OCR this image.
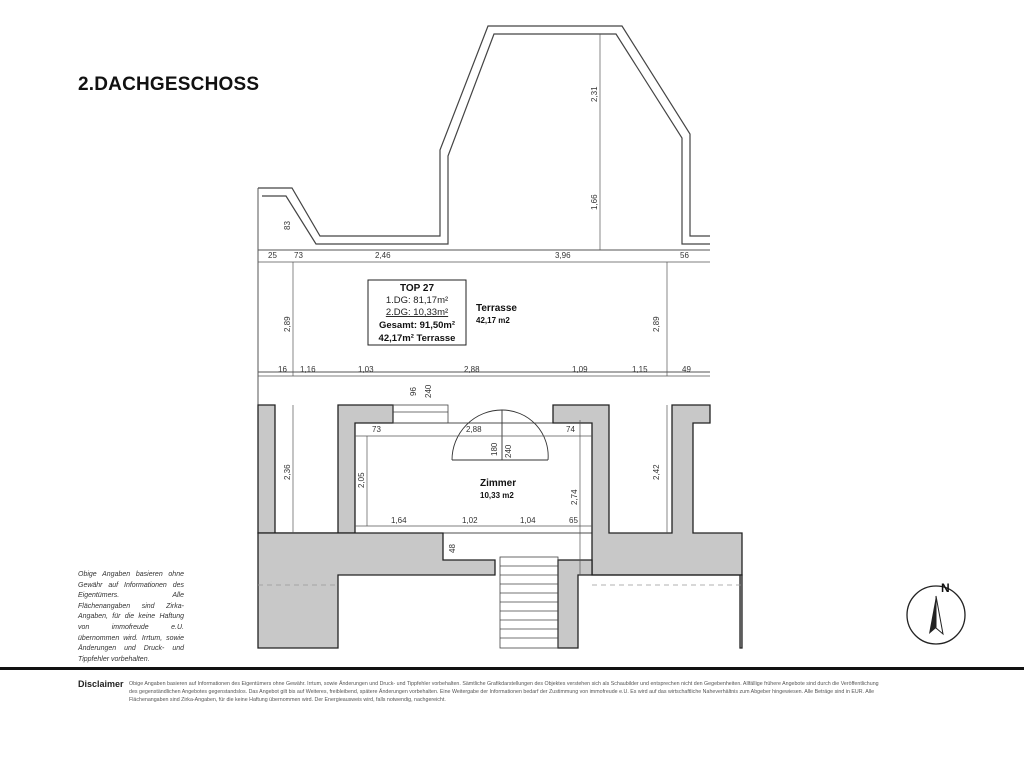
2.DACHGESCHOSS
TOP 27
1.DG: 81,17m²
2.DG: 10,33m²
Gesamt: 91,50m²
42,17m² Terrasse
Terrasse
42,17 m2
Zimmer
10,33 m2
25 73	2,46	3,96	56
16 1,16	1,03	2,88	1,09	1,15	49
73	2,88	74
1,64	1,02	1,04	65
83
2,31
1,66
2,89	2,89
96 240
180 240
2,36
2,05
2,74
2,42
48
Obige Angaben basieren ohne Gewähr auf Informationen des Eigentümers. Alle Flächenangaben sind Zirka-Angaben, für die keine Haftung von immofreude e.U. übernommen wird. Irrtum, sowie Änderungen und Druck- und Tippfehler vorbehalten.
N
Disclaimer Obige Angaben basieren auf Informationen des Eigentümers ohne Gewähr. Irrtum, sowie Änderungen und Druck- und Tippfehler vorbehalten. Sämtliche Grafikdarstellungen des Objektes verstehen sich als Schaubilder und entsprechen nicht den Gegebenheiten. Allfällige frühere Angebote sind durch die Veröffentlichung des gegenständlichen Angebotes gegenstandslos. Das Angebot gilt bis auf Weiteres, freibleibend, spätere Änderungen vorbehalten. Eine Weitergabe der Informationen bedarf der Zustimmung von immofreude e.U. Es wird auf das wirtschaftliche Naheverhältnis zum Abgeber hingewiesen. Alle Beträge sind in EUR. Alle Flächenangaben sind Zirka-Angaben, für die keine Haftung übernommen wird. Der Energieausweis wird, falls notwendig, nachgereicht.
